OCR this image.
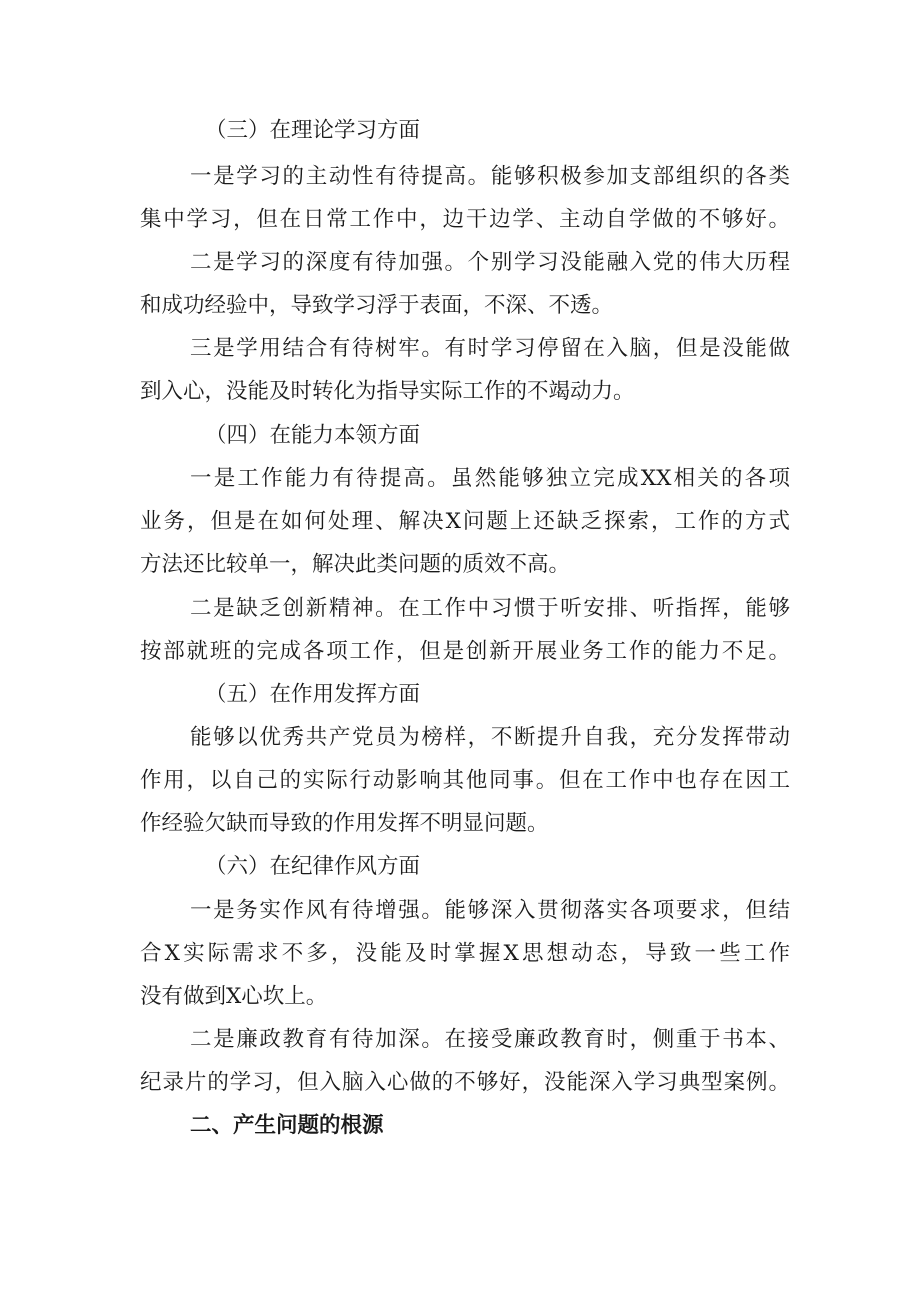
（三）在理论学习方面
一是学习的主动性有待提高。能够积极参加支部组织的各类
集中学习，但在日常工作中，边干边学、主动自学做的不够好。
二是学习的深度有待加强。个别学习没能融入党的伟大历程
和成功经验中，导致学习浮于表面，不深、不透。
三是学用结合有待树牢。有时学习停留在入脑，但是没能做
到入心，没能及时转化为指导实际工作的不竭动力。
（四）在能力本领方面
一是工作能力有待提高。虽然能够独立完成XX相关的各项
业务，但是在如何处理、解决X问题上还缺乏探索，工作的方式
方法还比较单一，解决此类问题的质效不高。
二是缺乏创新精神。在工作中习惯于听安排、听指挥，能够
按部就班的完成各项工作，但是创新开展业务工作的能力不足。
（五）在作用发挥方面
能够以优秀共产党员为榜样，不断提升自我，充分发挥带动
作用，以自己的实际行动影响其他同事。但在工作中也存在因工
作经验欠缺而导致的作用发挥不明显问题。
（六）在纪律作风方面
一是务实作风有待增强。能够深入贯彻落实各项要求，但结
合X实际需求不多，没能及时掌握X思想动态，导致一些工作
没有做到X心坎上。
二是廉政教育有待加深。在接受廉政教育时，侧重于书本、
纪录片的学习，但入脑入心做的不够好，没能深入学习典型案例。
二、产生问题的根源
